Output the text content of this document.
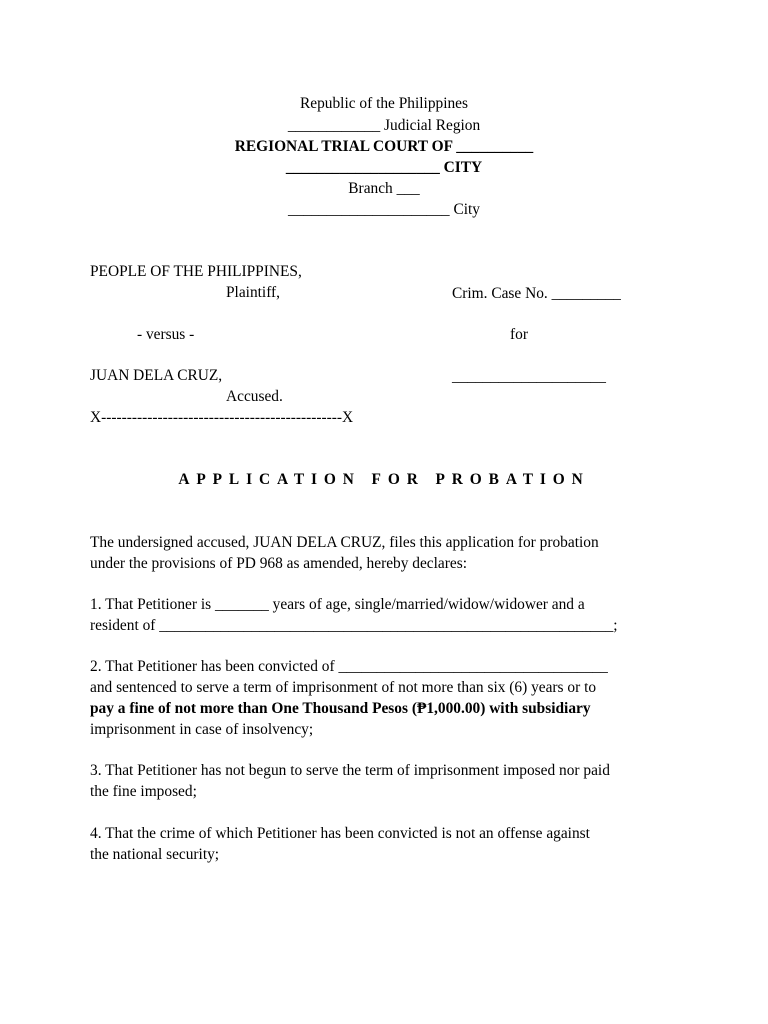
Republic of the Philippines
____________ Judicial Region
REGIONAL TRIAL COURT OF __________
____________________ CITY
Branch ___
_____________________ City
PEOPLE OF THE PHILIPPINES,
Plaintiff,	Crim. Case No. _________
- versus -	for
JUAN DELA CRUZ,	____________________
Accused.
X-----------------------------------------------X
APPLICATION FOR PROBATION
The undersigned accused, JUAN DELA CRUZ, files this application for probation
under the provisions of PD 968 as amended, hereby declares:
1. That Petitioner is _______ years of age, single/married/widow/widower and a
resident of ___________________________________________________________;
2. That Petitioner has been convicted of ___________________________________
and sentenced to serve a term of imprisonment of not more than six (6) years or to
pay a fine of not more than One Thousand Pesos (₱1,000.00) with subsidiary
imprisonment in case of insolvency;
3. That Petitioner has not begun to serve the term of imprisonment imposed nor paid
the fine imposed;
4. That the crime of which Petitioner has been convicted is not an offense against
the national security;
